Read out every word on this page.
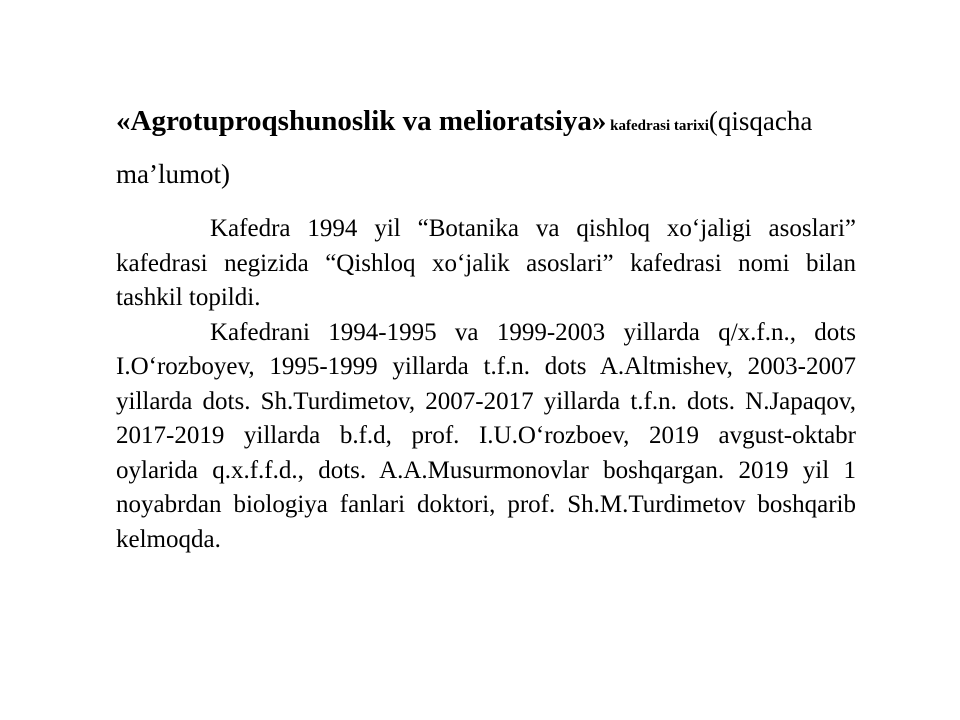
«Agrotuproqshunoslik va melioratsiya» kafedrasi tarixi(qisqacha ma’lumot)

Kafedra 1994 yil “Botanika va qishloq xo‘jaligi asoslari” kafedrasi negizida “Qishloq xo‘jalik asoslari” kafedrasi nomi bilan tashkil topildi.

Kafedrani 1994-1995 va 1999-2003 yillarda q/x.f.n., dots I.O‘rozboyev, 1995-1999 yillarda t.f.n. dots A.Altmishev, 2003-2007 yillarda dots. Sh.Turdimetov, 2007-2017 yillarda t.f.n. dots. N.Japaqov, 2017-2019 yillarda b.f.d, prof. I.U.O‘rozboev, 2019 avgust-oktabr oylarida q.x.f.f.d., dots. A.A.Musurmonovlar boshqargan. 2019 yil 1 noyabrdan biologiya fanlari doktori, prof. Sh.M.Turdimetov boshqarib kelmoqda.
